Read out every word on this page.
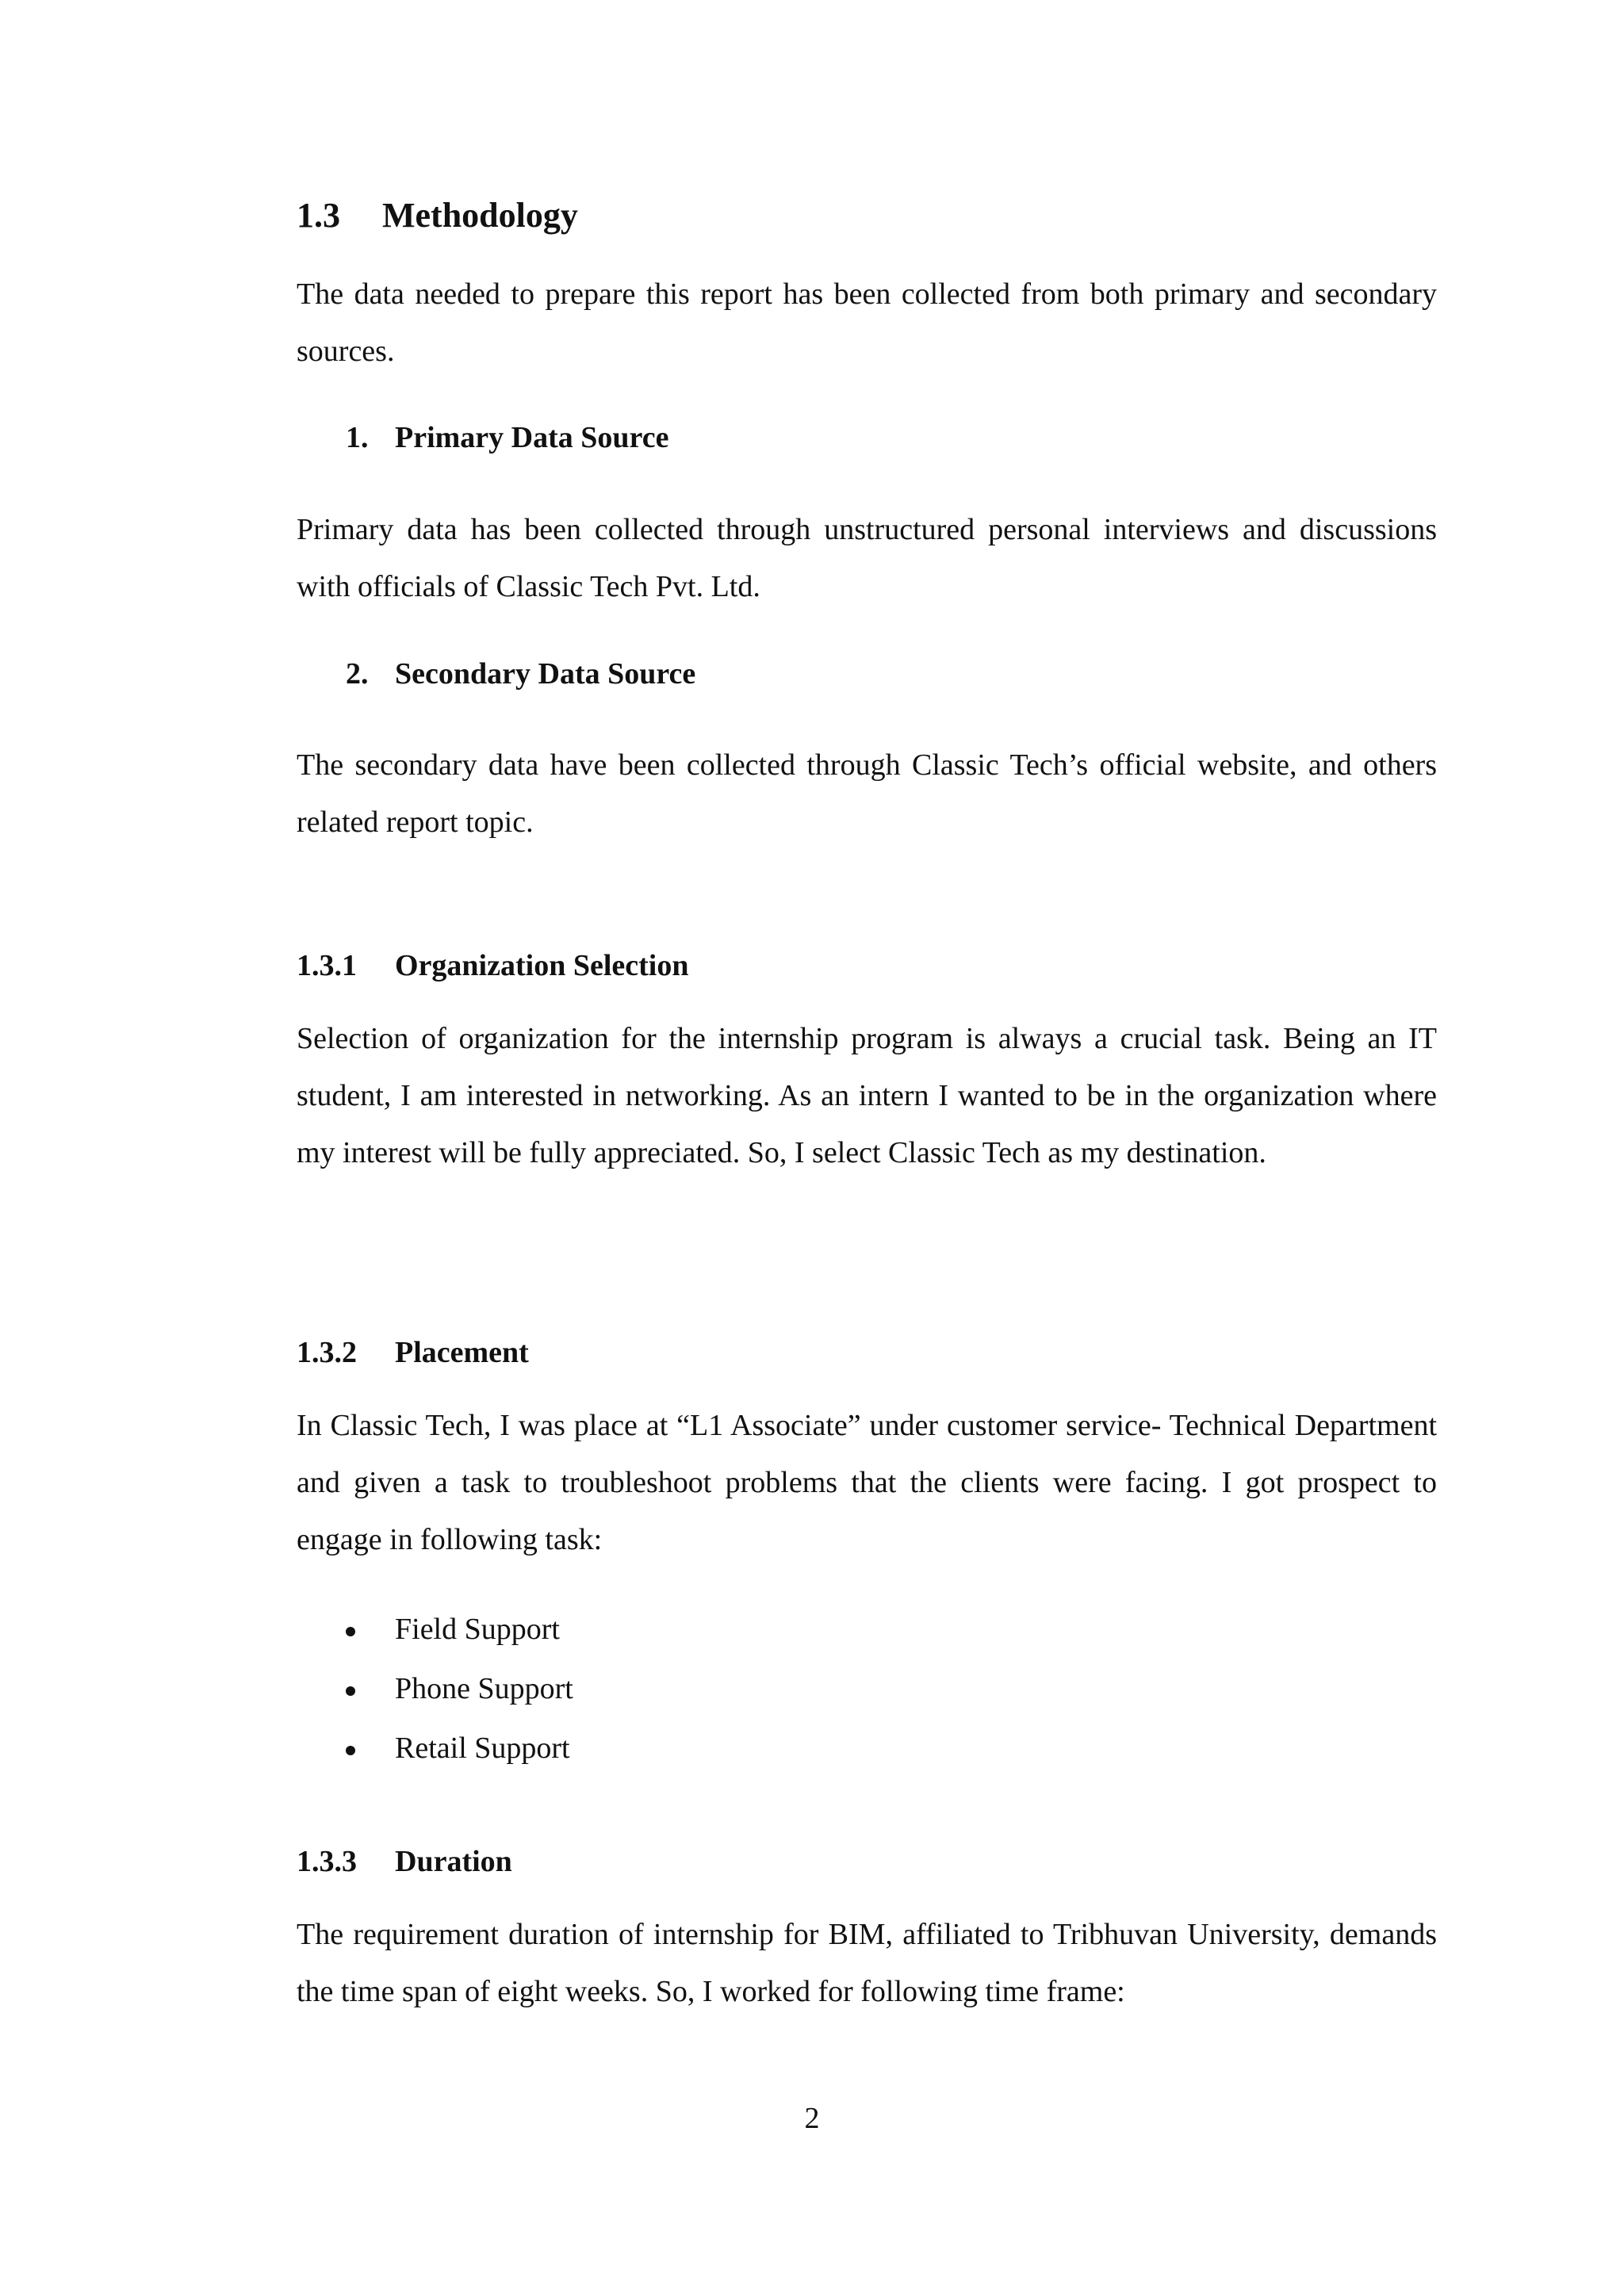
1.3	Methodology

The data needed to prepare this report has been collected from both primary and secondary sources.

1. Primary Data Source

Primary data has been collected through unstructured personal interviews and discussions with officials of Classic Tech Pvt. Ltd.

2. Secondary Data Source

The secondary data have been collected through Classic Tech’s official website, and others related report topic.

1.3.1	Organization Selection

Selection of organization for the internship program is always a crucial task. Being an IT student, I am interested in networking. As an intern I wanted to be in the organization where my interest will be fully appreciated. So, I select Classic Tech as my destination.

1.3.2	Placement

In Classic Tech, I was place at “L1 Associate” under customer service- Technical Department and given a task to troubleshoot problems that the clients were facing. I got prospect to engage in following task:

Field Support
Phone Support
Retail Support
1.3.3	Duration

The requirement duration of internship for BIM, affiliated to Tribhuvan University, demands the time span of eight weeks. So, I worked for following time frame:

2
